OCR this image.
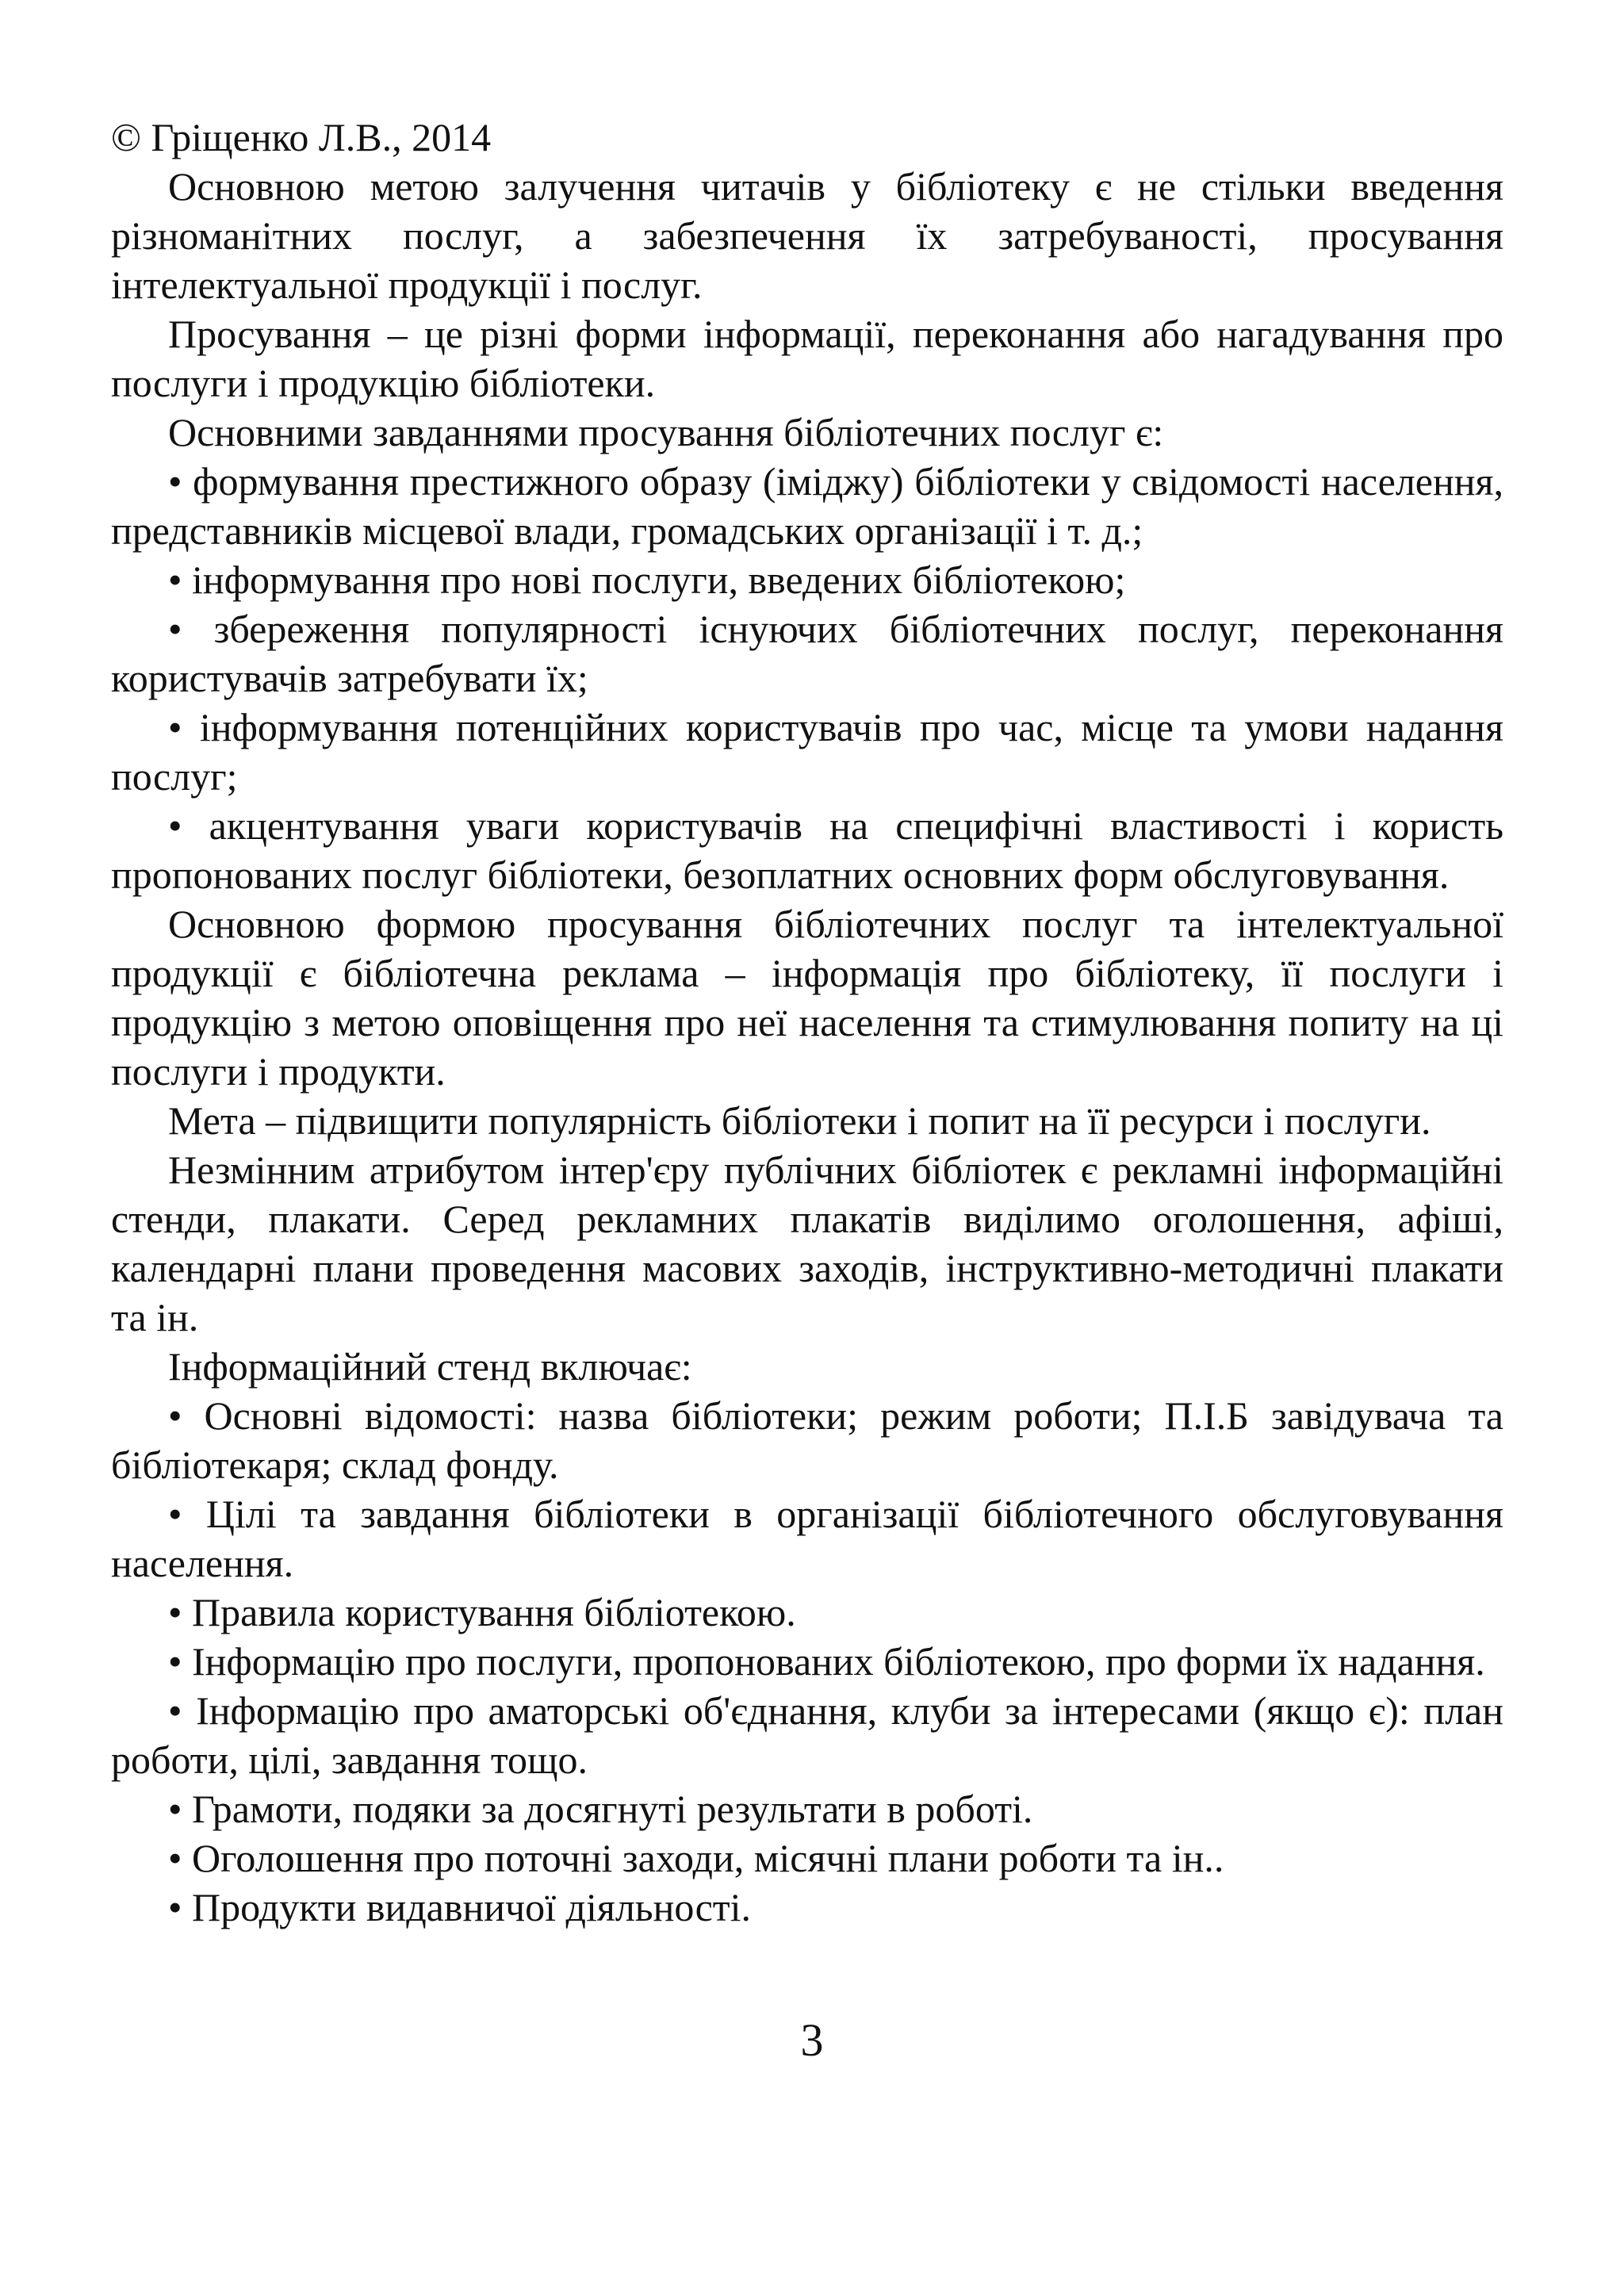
© Гріщенко Л.В., 2014

Основною метою залучення читачів у бібліотеку є не стільки введення різноманітних послуг, а забезпечення їх затребуваності, просування інтелектуальної продукції і послуг.

Просування – це різні форми інформації, переконання або нагадування про послуги і продукцію бібліотеки.

Основними завданнями просування бібліотечних послуг є:

• формування престижного образу (іміджу) бібліотеки у свідомості населення, представників місцевої влади, громадських організації і т. д.;

• інформування про нові послуги, введених бібліотекою;

• збереження популярності існуючих бібліотечних послуг, переконання користувачів затребувати їх;

• інформування потенційних користувачів про час, місце та умови надання послуг;

• акцентування уваги користувачів на специфічні властивості і користь пропонованих послуг бібліотеки, безоплатних основних форм обслуговування.

Основною формою просування бібліотечних послуг та інтелектуальної продукції є бібліотечна реклама – інформація про бібліотеку, її послуги і продукцію з метою оповіщення про неї населення та стимулювання попиту на ці послуги і продукти.

Мета – підвищити популярність бібліотеки і попит на її ресурси і послуги.

Незмінним атрибутом інтер'єру публічних бібліотек є рекламні інформаційні стенди, плакати. Серед рекламних плакатів виділимо оголошення, афіші, календарні плани проведення масових заходів, інструктивно-методичні плакати та ін.

Інформаційний стенд включає:

• Основні відомості: назва бібліотеки; режим роботи; П.І.Б завідувача та бібліотекаря; склад фонду.

• Цілі та завдання бібліотеки в організації бібліотечного обслуговування населення.

• Правила користування бібліотекою.

• Інформацію про послуги, пропонованих бібліотекою, про форми їх надання.

• Інформацію про аматорські об'єднання, клуби за інтересами (якщо є): план роботи, цілі, завдання тощо.

• Грамоти, подяки за досягнуті результати в роботі.

• Оголошення про поточні заходи, місячні плани роботи та ін..

• Продукти видавничої діяльності.

3
